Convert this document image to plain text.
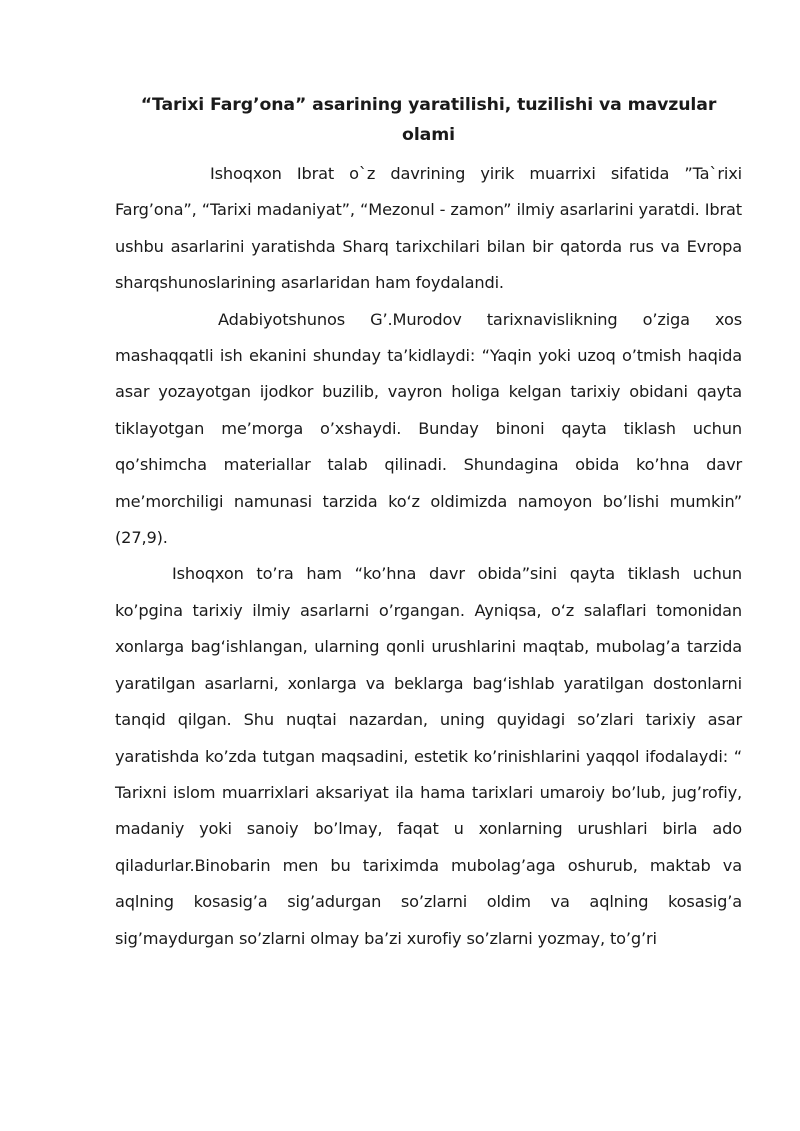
“Tarixi Farg’ona” asarining yaratilishi, tuzilishi va mavzular olami

Ishoqxon Ibrat o`z davrining yirik muarrixi sifatida ”Ta`rixi Farg’ona”, “Tarixi madaniyat”, “Mezonul - zamon” ilmiy asarlarini yaratdi. Ibrat ushbu asarlarini yaratishda Sharq tarixchilari bilan bir qatorda rus va Evropa sharqshunoslarining asarlaridan ham foydalandi.

Adabiyotshunos G’.Murodov tarixnavislikning o’ziga xos mashaqqatli ish ekanini shunday ta’kidlaydi: “Yaqin yoki uzoq o’tmish haqida asar yozayotgan ijodkor buzilib, vayron holiga kelgan tarixiy obidani qayta tiklayotgan me’morga o’xshaydi. Bunday binoni qayta tiklash uchun qo’shimcha materiallar talab qilinadi. Shundagina obida ko’hna davr me’morchiligi namunasi tarzida ko‘z oldimizda namoyon bo’lishi mumkin” (27,9).

Ishoqxon to’ra ham “ko’hna davr obida”sini qayta tiklash uchun ko’pgina tarixiy ilmiy asarlarni o’rgangan. Ayniqsa, o‘z salaflari tomonidan xonlarga bag‘ishlangan, ularning qonli urushlarini maqtab, mubolag’a tarzida yaratilgan asarlarni, xonlarga va beklarga bag‘ishlab yaratilgan dostonlarni tanqid qilgan. Shu nuqtai nazardan, uning quyidagi so’zlari tarixiy asar yaratishda ko’zda tutgan maqsadini, estetik ko’rinishlarini yaqqol ifodalaydi: “ Tarixni islom muarrixlari aksariyat ila hama tarixlari umaroiy bo’lub, jug’rofiy, madaniy yoki sanoiy bo’lmay, faqat u xonlarning urushlari birla ado qiladurlar.Binobarin men bu tariximda mubolag’aga oshurub, maktab va aqlning kosasig’a sig’adurgan so’zlarni oldim va aqlning kosasig’a sig’maydurgan so’zlarni olmay ba’zi xurofiy so’zlarni yozmay, to’g’ri
